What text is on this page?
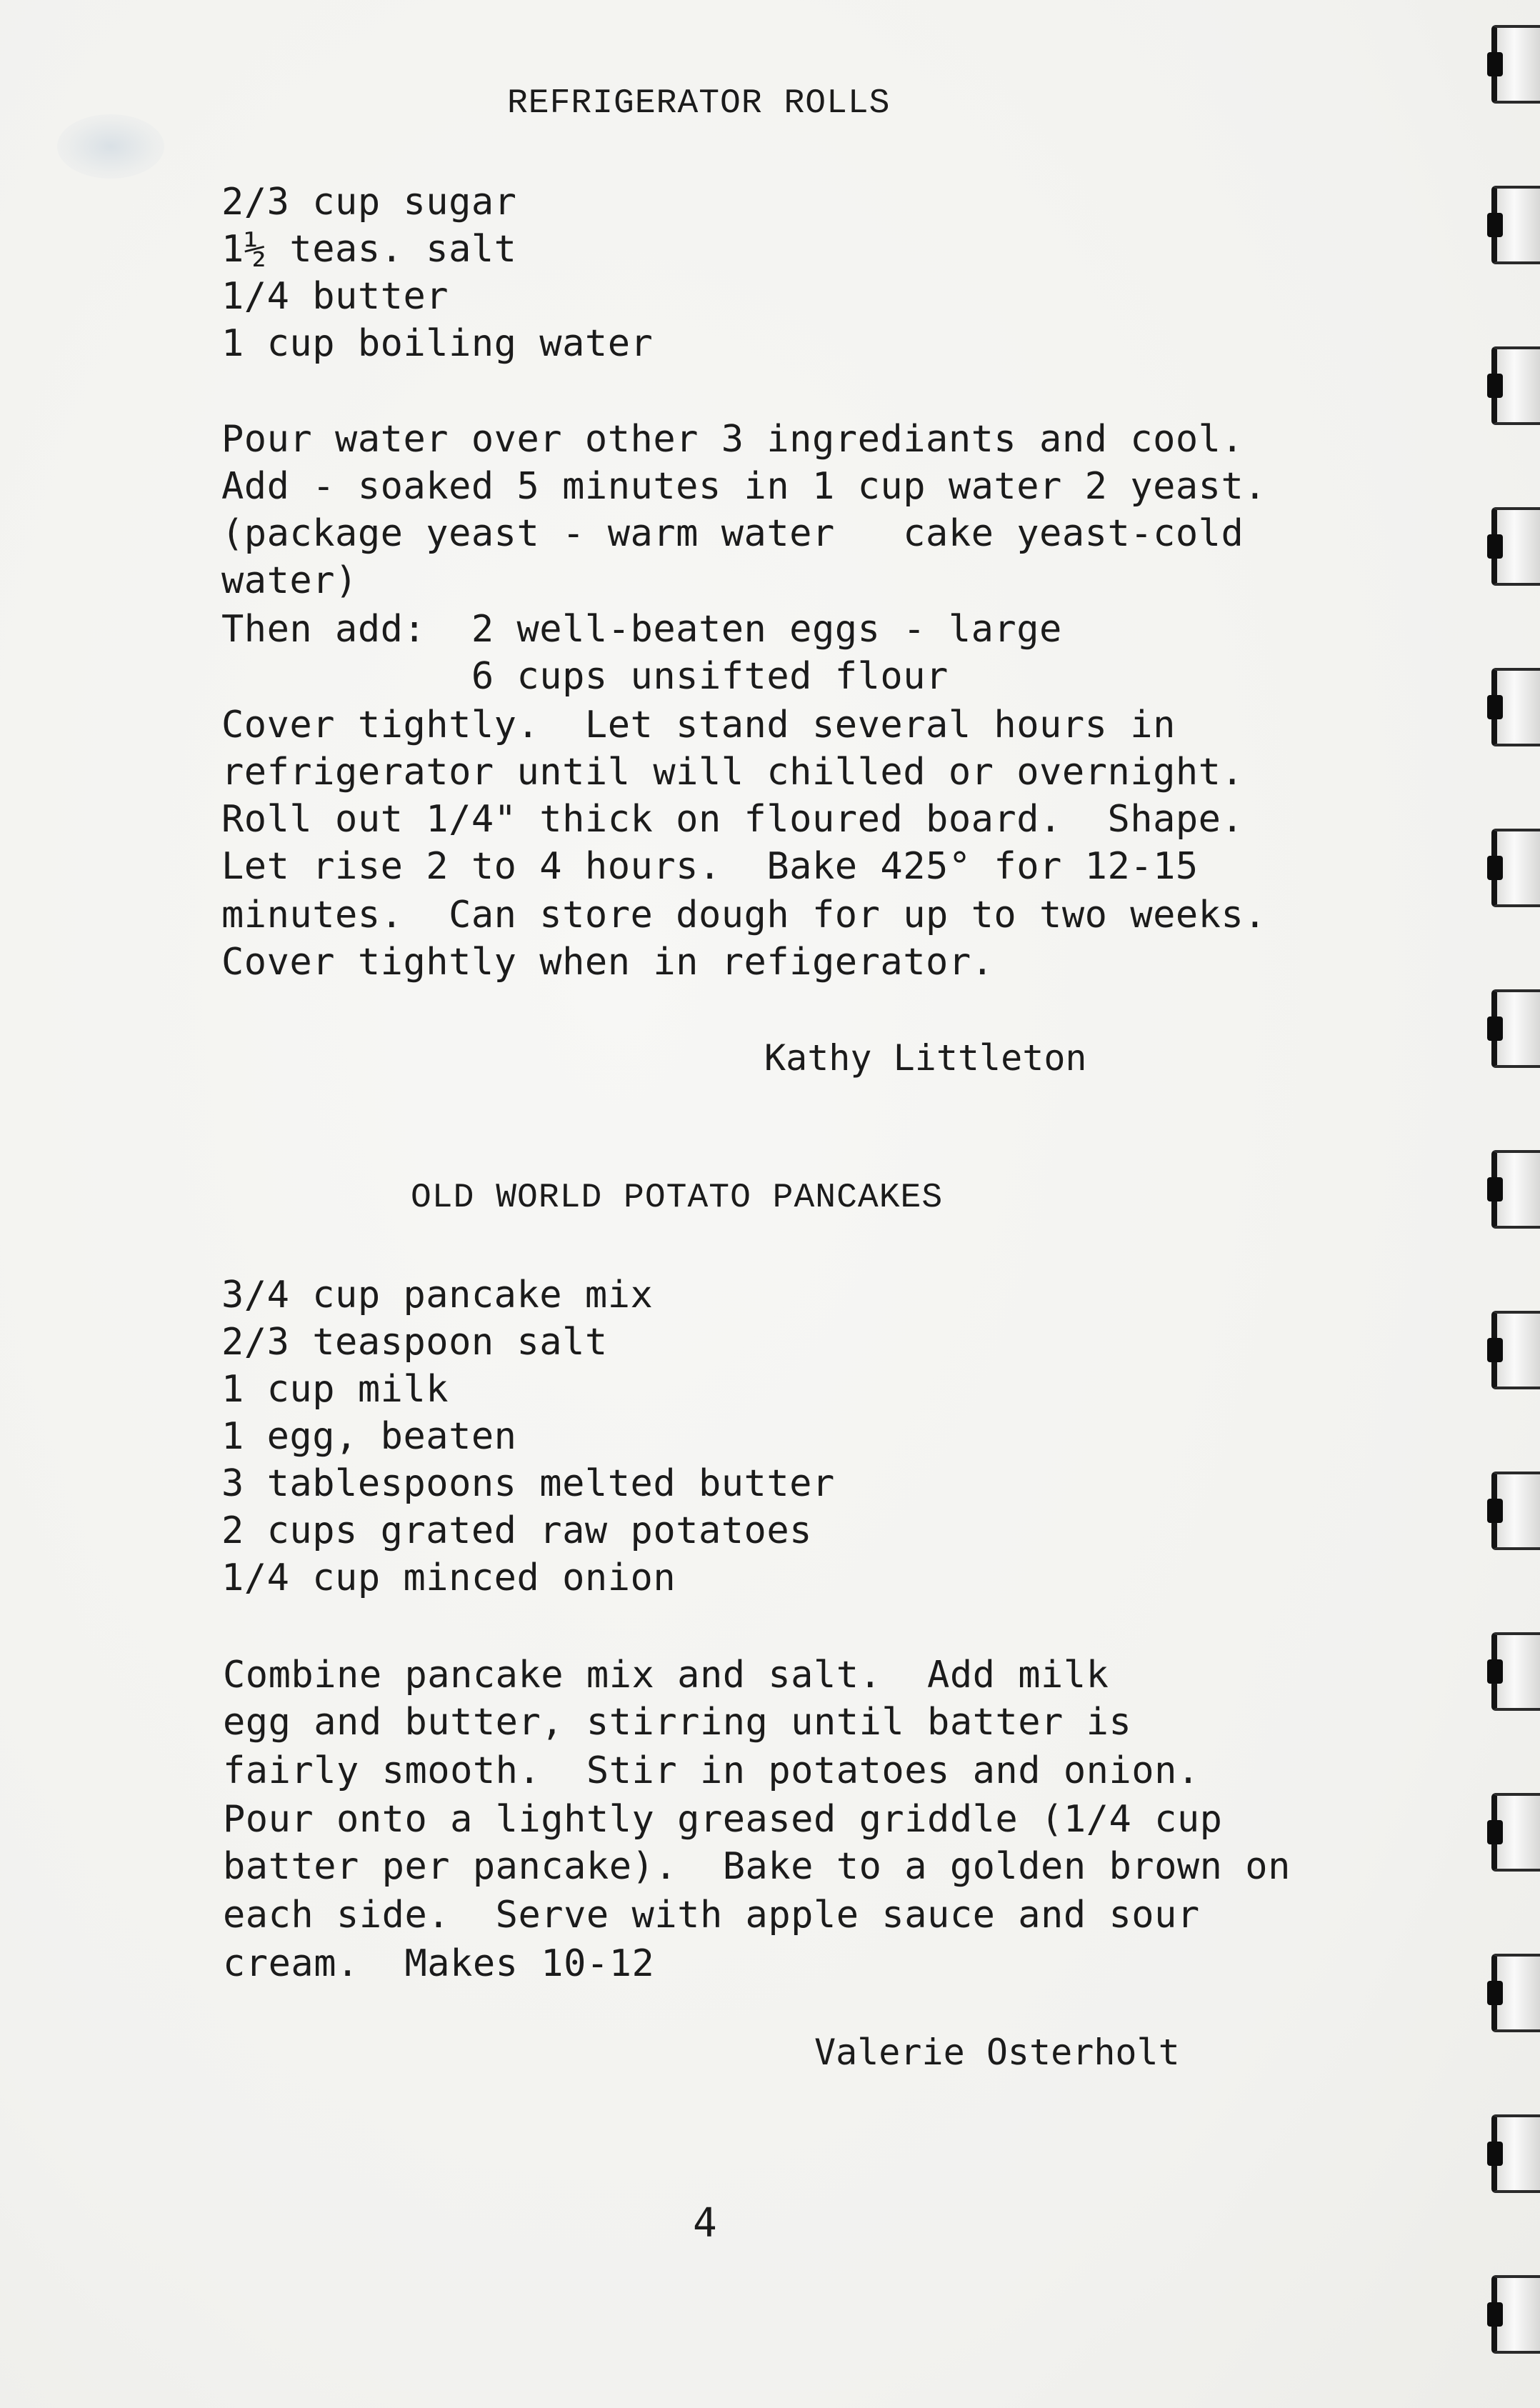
REFRIGERATOR ROLLS
2/3 cup sugar
1½ teas. salt
1/4 butter
1 cup boiling water
Pour water over other 3 ingrediants and cool.
Add - soaked 5 minutes in 1 cup water 2 yeast.
(package yeast - warm water   cake yeast-cold
water)
Then add:  2 well-beaten eggs - large
6 cups unsifted flour
Cover tightly.  Let stand several hours in
refrigerator until will chilled or overnight.
Roll out 1/4" thick on floured board.  Shape.
Let rise 2 to 4 hours.  Bake 425° for 12-15
minutes.  Can store dough for up to two weeks.
Cover tightly when in refigerator.
Kathy Littleton
OLD WORLD POTATO PANCAKES
3/4 cup pancake mix
2/3 teaspoon salt
1 cup milk
1 egg, beaten
3 tablespoons melted butter
2 cups grated raw potatoes
1/4 cup minced onion
Combine pancake mix and salt.  Add milk
egg and butter, stirring until batter is
fairly smooth.  Stir in potatoes and onion.
Pour onto a lightly greased griddle (1/4 cup
batter per pancake).  Bake to a golden brown on
each side.  Serve with apple sauce and sour
cream.  Makes 10-12
Valerie Osterholt
4
